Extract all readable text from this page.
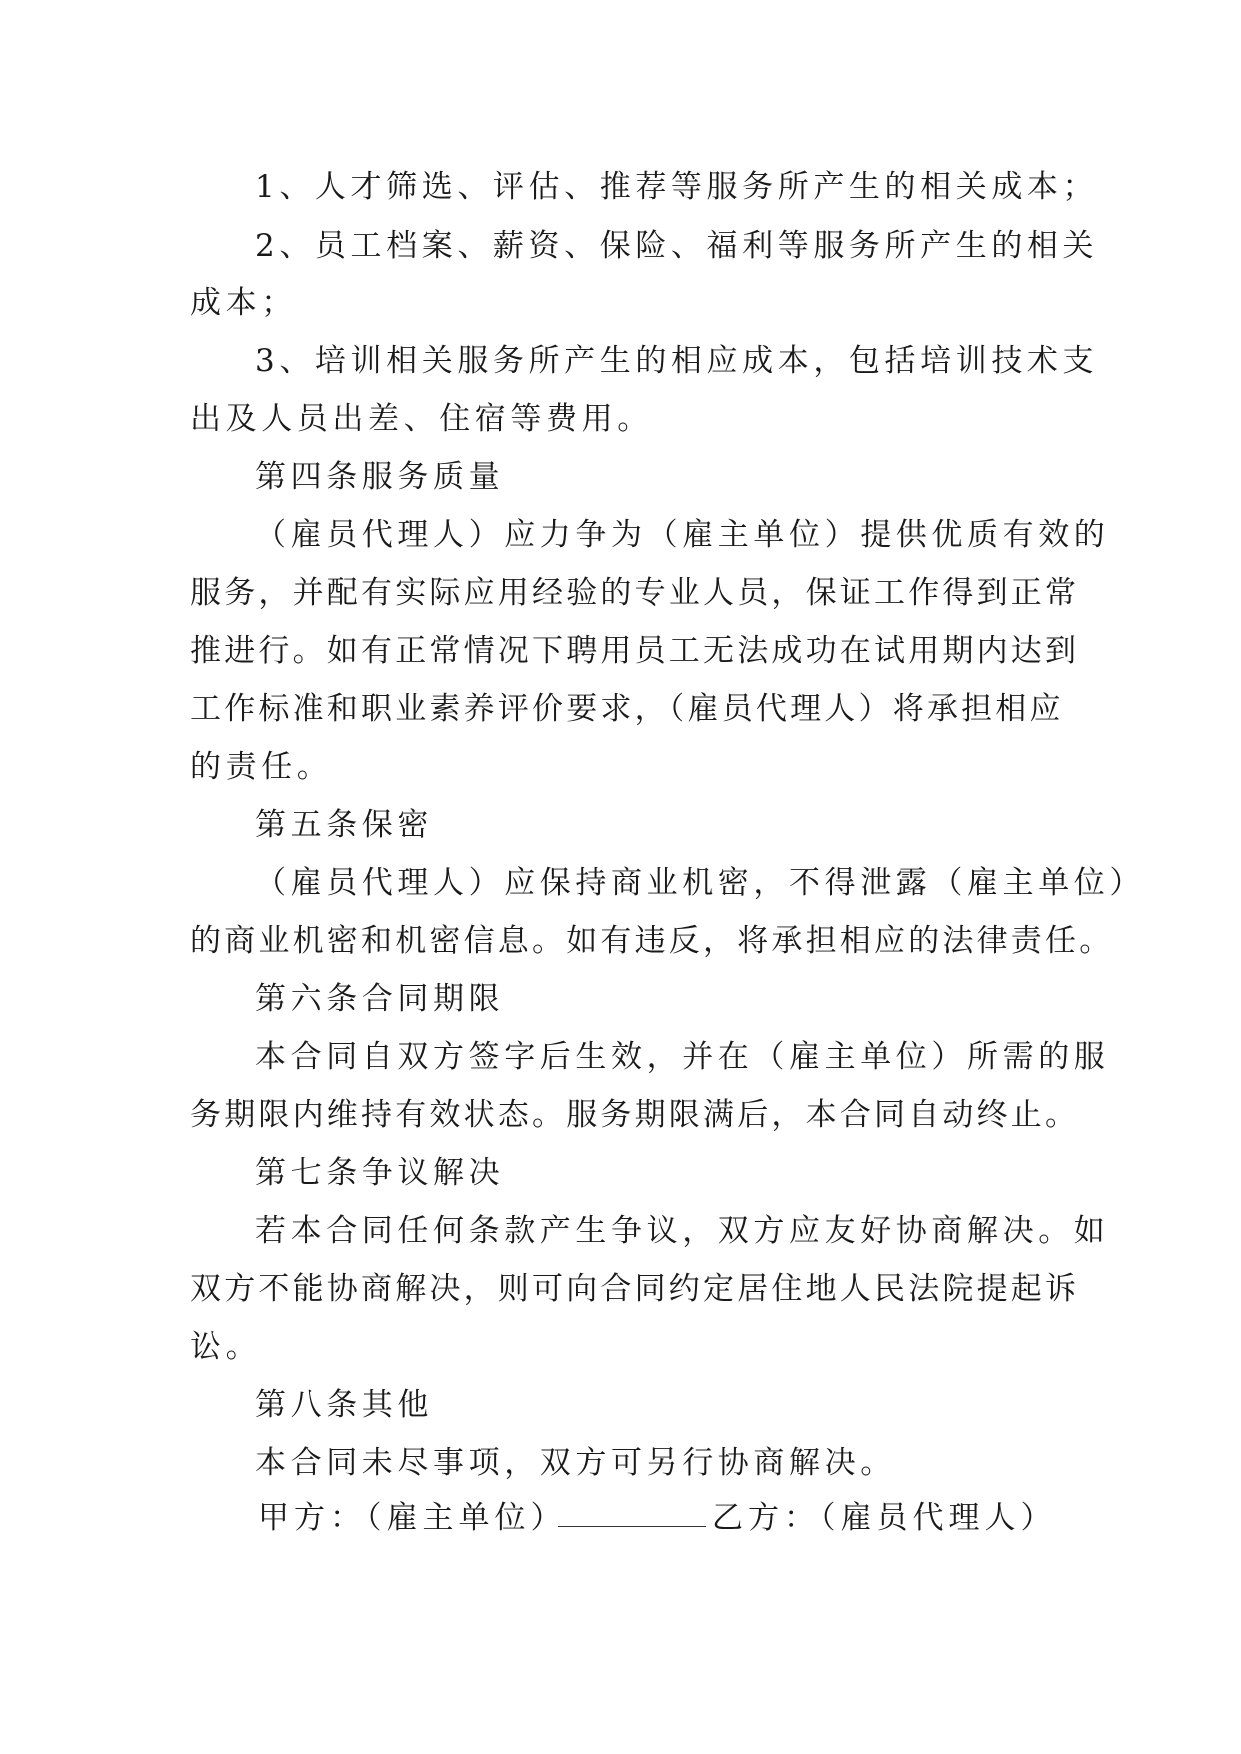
1、人才筛选、评估、推荐等服务所产生的相关成本；
2、员工档案、薪资、保险、福利等服务所产生的相关
成本；
3、培训相关服务所产生的相应成本，包括培训技术支
出及人员出差、住宿等费用。
第四条服务质量
（雇员代理人）应力争为（雇主单位）提供优质有效的
服务，并配有实际应用经验的专业人员，保证工作得到正常
推进行。如有正常情况下聘用员工无法成功在试用期内达到
工作标准和职业素养评价要求，（雇员代理人）将承担相应
的责任。
第五条保密
（雇员代理人）应保持商业机密，不得泄露（雇主单位）
的商业机密和机密信息。如有违反，将承担相应的法律责任。
第六条合同期限
本合同自双方签字后生效，并在（雇主单位）所需的服
务期限内维持有效状态。服务期限满后，本合同自动终止。
第七条争议解决
若本合同任何条款产生争议，双方应友好协商解决。如
双方不能协商解决，则可向合同约定居住地人民法院提起诉
讼。
第八条其他
本合同未尽事项，双方可另行协商解决。
甲方：（雇主单位）	乙方：（雇员代理人）
